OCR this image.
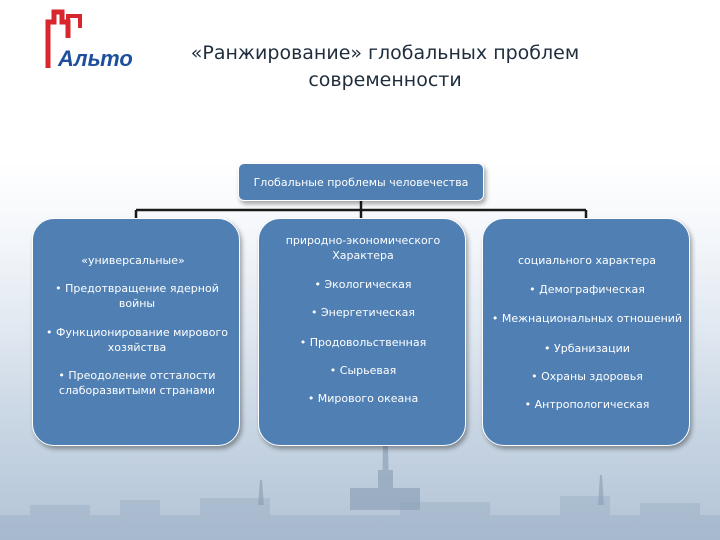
Альто	«Ранжирование» глобальных проблем
современности
Глобальные проблемы человечества
«универсальные»
• Предотвращение ядерной войны
• Функционирование мирового хозяйства
• Преодоление отсталости слаборазвитыми странами
природно-экономического Характера
• Экологическая
• Энергетическая
• Продовольственная
• Сырьевая
• Мирового океана
социального характера
• Демографическая
• Межнациональных отношений
• Урбанизации
• Охраны здоровья
• Антропологическая
